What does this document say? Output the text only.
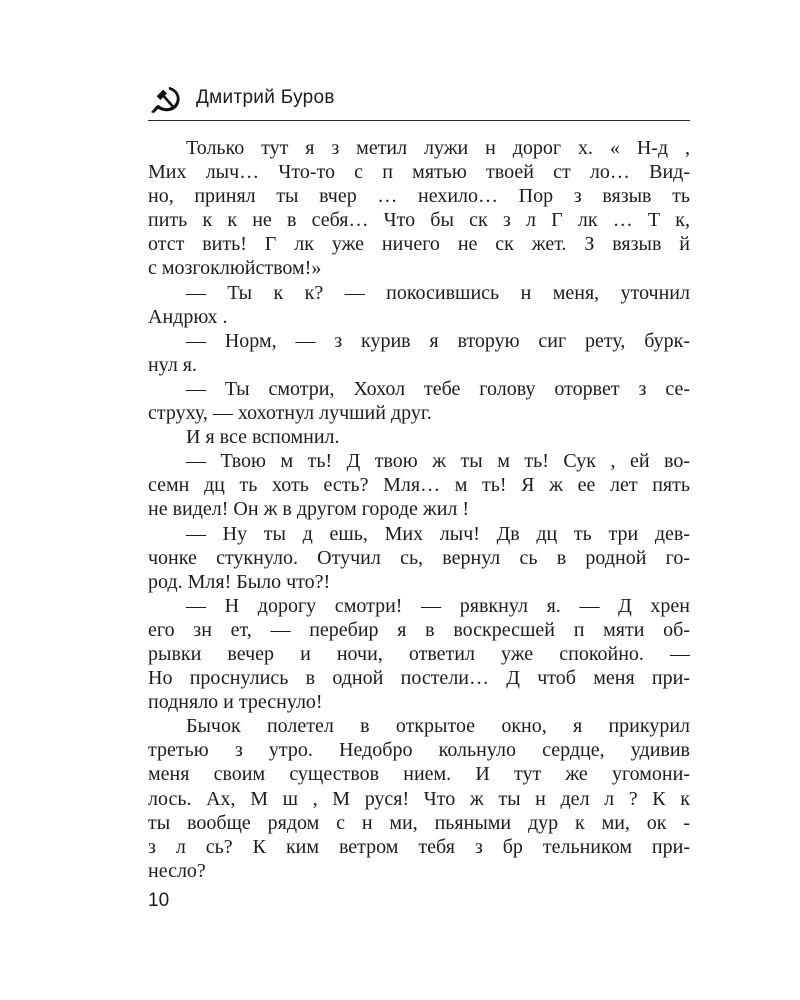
Дмитрий Буров
Только тут я з метил лужи н дорог х. « Н-д ,
Мих лыч… Что-то с п мятью твоей ст ло… Вид-
но, принял ты вчер … нехило… Пор з вязыв ть
пить к к не в себя… Что бы ск з л Г лк … Т к,
отст вить! Г лк уже ничего не ск жет. З вязыв й
с мозгоклюйством!»
— Ты к к? — покосившись н меня, уточнил
Андрюх .
— Норм, — з курив я вторую сиг рету, бурк-
нул я.
— Ты смотри, Хохол тебе голову оторвет з се-
струху, — хохотнул лучший друг.
И я все вспомнил.
— Твою м ть! Д твою ж ты м ть! Сук , ей во-
семн дц ть хоть есть? Мля… м ть! Я ж ее лет пять
не видел! Он ж в другом городе жил !
— Ну ты д ешь, Мих лыч! Дв дц ть три дев-
чонке стукнуло. Отучил сь, вернул сь в родной го-
род. Мля! Было что?!
— Н дорогу смотри! — рявкнул я. — Д хрен
его зн ет, — перебир я в воскресшей п мяти об-
рывки вечер и ночи, ответил уже спокойно. —
Но проснулись в одной постели… Д чтоб меня при-
подняло и треснуло!
Бычок полетел в открытое окно, я прикурил
третью з утро. Недобро кольнуло сердце, удивив
меня своим существов нием. И тут же угомони-
лось. Ах, М ш , М руся! Что ж ты н дел л ? К к
ты вообще рядом с н ми, пьяными дур к ми, ок -
з л сь? К ким ветром тебя з бр тельником при-
несло?
10
